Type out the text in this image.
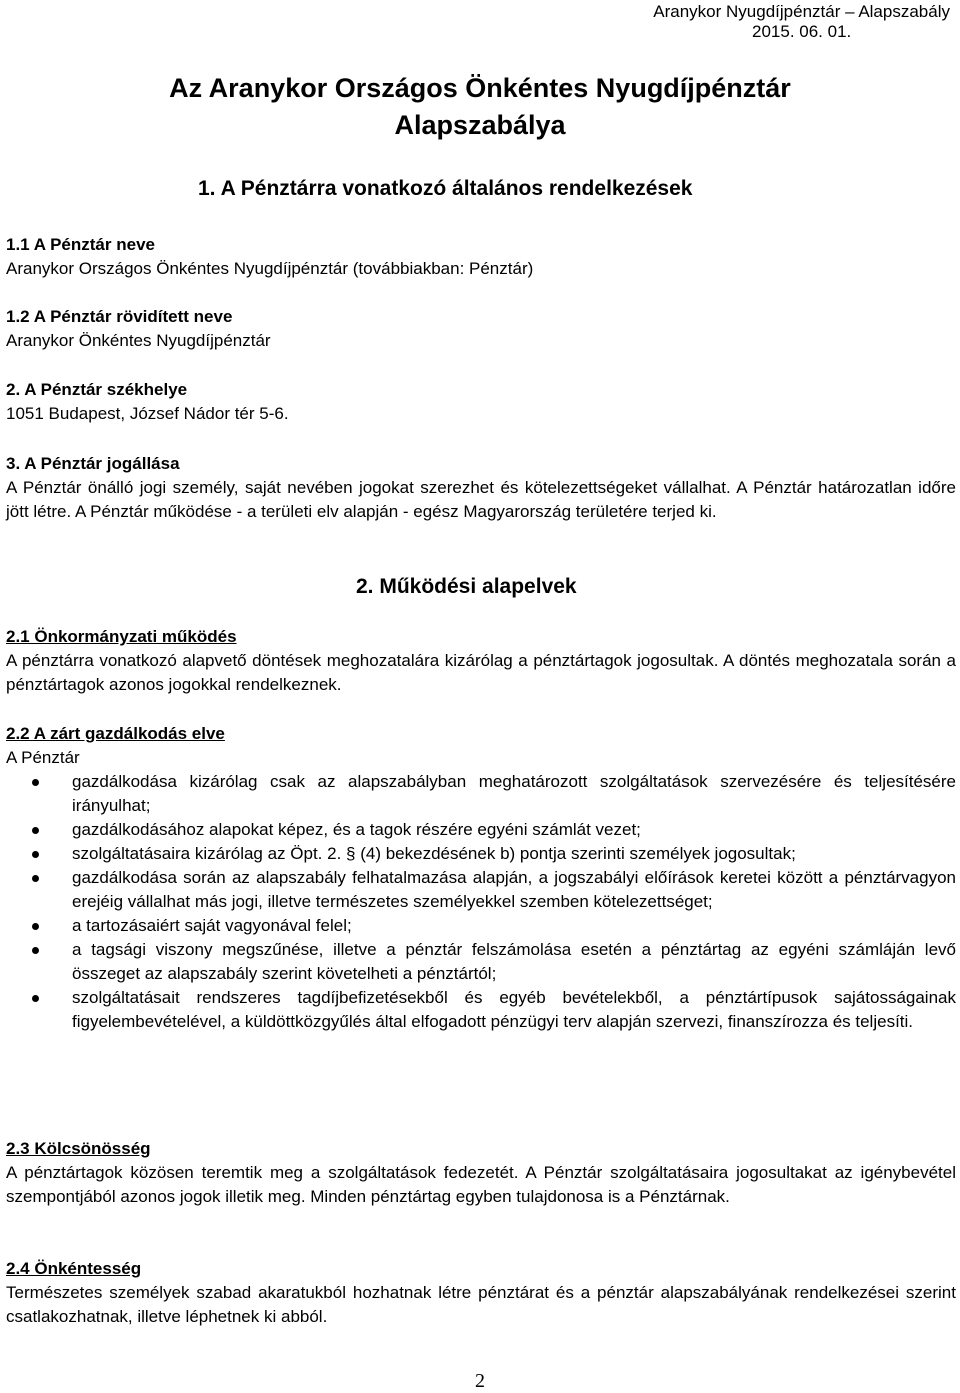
Aranykor Nyugdíjpénztár – Alapszabály
2015. 06. 01.
Az Aranykor Országos Önkéntes Nyugdíjpénztár
Alapszabálya
1. A Pénztárra vonatkozó általános rendelkezések
1.1 A Pénztár neve
Aranykor Országos Önkéntes Nyugdíjpénztár (továbbiakban: Pénztár)
1.2 A Pénztár rövidített neve
Aranykor Önkéntes Nyugdíjpénztár
2. A Pénztár székhelye
1051 Budapest, József Nádor tér 5-6.
3. A Pénztár jogállása
A Pénztár önálló jogi személy, saját nevében jogokat szerezhet és kötelezettségeket vállalhat. A Pénztár határozatlan időre jött létre. A Pénztár működése - a területi elv alapján - egész Magyarország területére terjed ki.
2. Működési alapelvek
2.1 Önkormányzati működés
A pénztárra vonatkozó alapvető döntések meghozatalára kizárólag a pénztártagok jogosultak. A döntés meghozatala során a pénztártagok azonos jogokkal rendelkeznek.
2.2 A zárt gazdálkodás elve
A Pénztár
gazdálkodása kizárólag csak az alapszabályban meghatározott szolgáltatások szervezésére és teljesítésére irányulhat;
gazdálkodásához alapokat képez, és a tagok részére egyéni számlát vezet;
szolgáltatásaira kizárólag az Öpt. 2. § (4) bekezdésének b) pontja szerinti személyek jogosultak;
gazdálkodása során az alapszabály felhatalmazása alapján, a jogszabályi előírások keretei között a pénztárvagyon erejéig vállalhat más jogi, illetve természetes személyekkel szemben kötelezettséget;
a tartozásaiért saját vagyonával felel;
a tagsági viszony megszűnése, illetve a pénztár felszámolása esetén a pénztártag az egyéni számláján levő összeget az alapszabály szerint követelheti a pénztártól;
szolgáltatásait rendszeres tagdíjbefizetésekből és egyéb bevételekből, a pénztártípusok sajátosságainak figyelembevételével, a küldöttközgyűlés által elfogadott pénzügyi terv alapján szervezi, finanszírozza és teljesíti.
2.3 Kölcsönösség
A pénztártagok közösen teremtik meg a szolgáltatások fedezetét. A Pénztár szolgáltatásaira jogosultakat az igénybevétel szempontjából azonos jogok illetik meg. Minden pénztártag egyben tulajdonosa is a Pénztárnak.
2.4 Önkéntesség
Természetes személyek szabad akaratukból hozhatnak létre pénztárat és a pénztár alapszabályának rendelkezései szerint csatlakozhatnak, illetve léphetnek ki abból.
2
